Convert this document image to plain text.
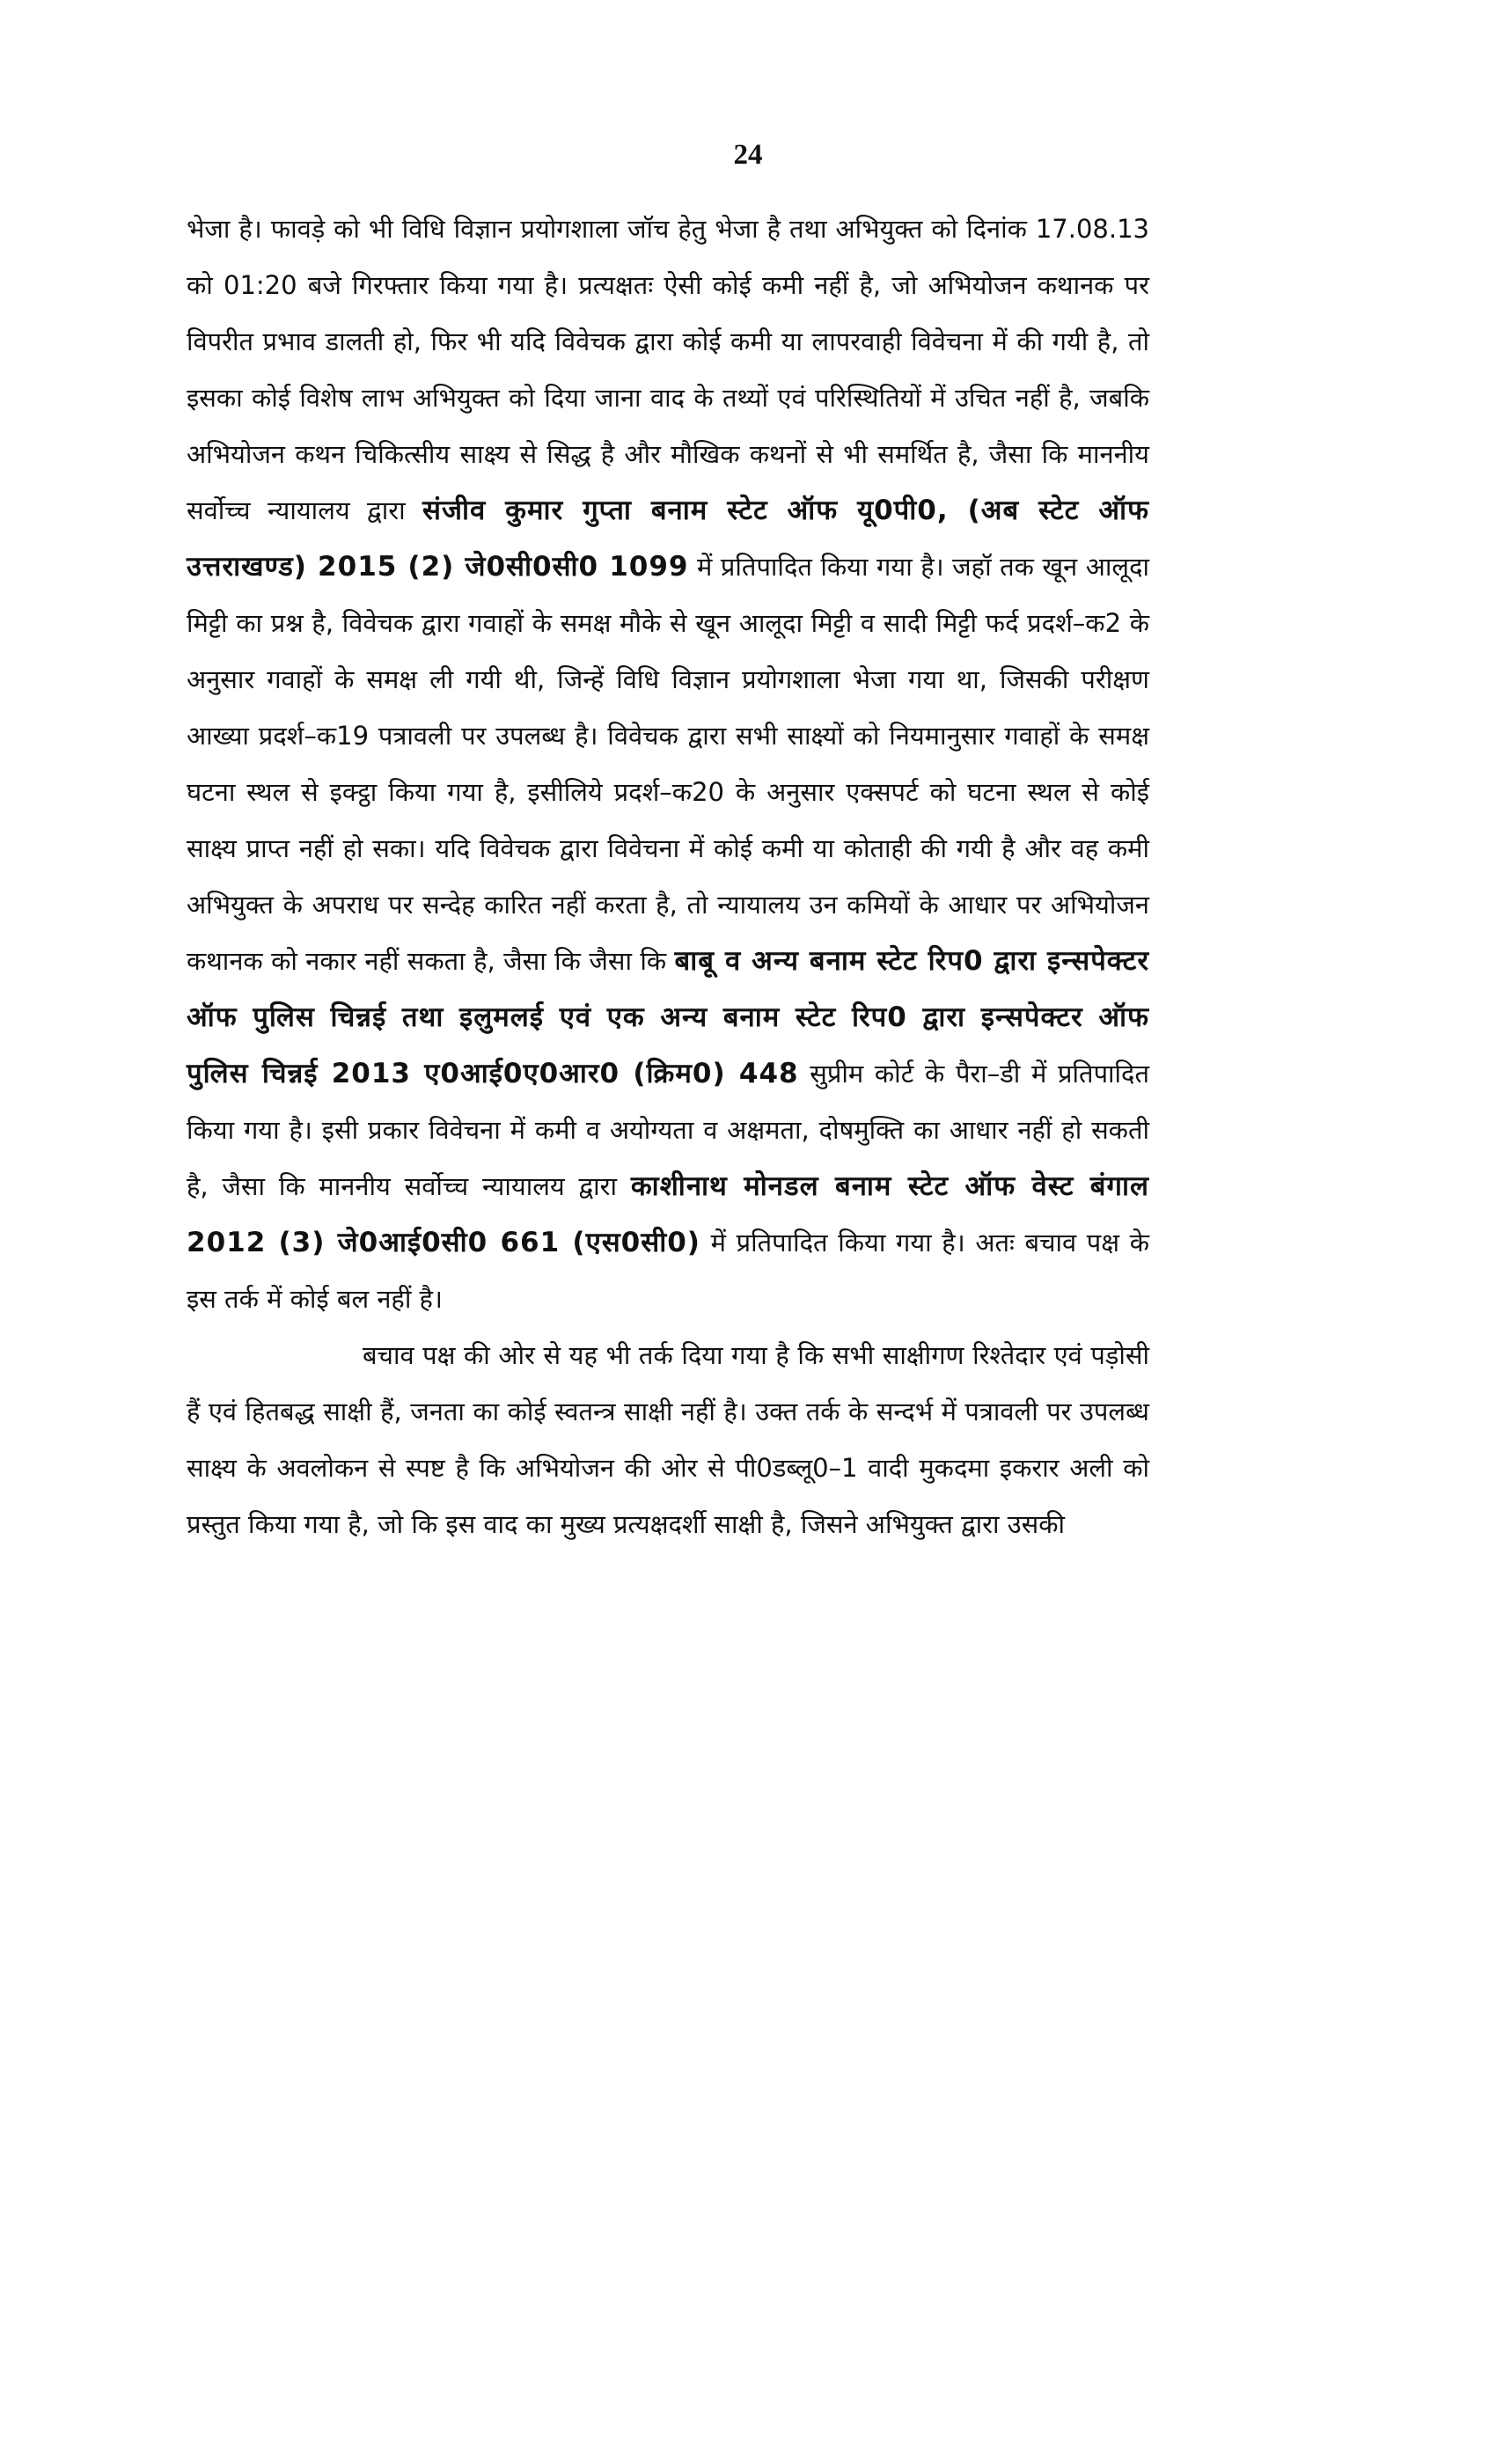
24

भेजा है। फावड़े को भी विधि विज्ञान प्रयोगशाला जॉच हेतु भेजा है तथा अभियुक्त को दिनांक 17.08.13 को 01:20 बजे गिरफ्तार किया गया है। प्रत्यक्षतः ऐसी कोई कमी नहीं है, जो अभियोजन कथानक पर विपरीत प्रभाव डालती हो, फिर भी यदि विवेचक द्वारा कोई कमी या लापरवाही विवेचना में की गयी है, तो इसका कोई विशेष लाभ अभियुक्त को दिया जाना वाद के तथ्यों एवं परिस्थितियों में उचित नहीं है, जबकि अभियोजन कथन चिकित्सीय साक्ष्य से सिद्ध है और मौखिक कथनों से भी समर्थित है, जैसा कि माननीय सर्वोच्च न्यायालय द्वारा संजीव कुमार गुप्ता बनाम स्टेट ऑफ यू0पी0, (अब स्टेट ऑफ उत्तराखण्ड) 2015 (2) जे0सी0सी0 1099 में प्रतिपादित किया गया है। जहॉ तक खून आलूदा मिट्टी का प्रश्न है, विवेचक द्वारा गवाहों के समक्ष मौके से खून आलूदा मिट्टी व सादी मिट्टी फर्द प्रदर्श–क2 के अनुसार गवाहों के समक्ष ली गयी थी, जिन्हें विधि विज्ञान प्रयोगशाला भेजा गया था, जिसकी परीक्षण आख्या प्रदर्श–क19 पत्रावली पर उपलब्ध है। विवेचक द्वारा सभी साक्ष्यों को नियमानुसार गवाहों के समक्ष घटना स्थल से इक्ट्ठा किया गया है, इसीलिये प्रदर्श–क20 के अनुसार एक्सपर्ट को घटना स्थल से कोई साक्ष्य प्राप्त नहीं हो सका। यदि विवेचक द्वारा विवेचना में कोई कमी या कोताही की गयी है और वह कमी अभियुक्त के अपराध पर सन्देह कारित नहीं करता है, तो न्यायालय उन कमियों के आधार पर अभियोजन कथानक को नकार नहीं सकता है, जैसा कि जैसा कि बाबू व अन्य बनाम स्टेट रिप0 द्वारा इन्सपेक्टर ऑफ पुलिस चिन्नई तथा इलुमलई एवं एक अन्य बनाम स्टेट रिप0 द्वारा इन्सपेक्टर ऑफ पुलिस चिन्नई 2013 ए0आई0ए0आर0 (क्रिम0) 448 सुप्रीम कोर्ट के पैरा–डी में प्रतिपादित किया गया है। इसी प्रकार विवेचना में कमी व अयोग्यता व अक्षमता, दोषमुक्ति का आधार नहीं हो सकती है, जैसा कि माननीय सर्वोच्च न्यायालय द्वारा काशीनाथ मोनडल बनाम स्टेट ऑफ वेस्ट बंगाल 2012 (3) जे0आई0सी0 661 (एस0सी0) में प्रतिपादित किया गया है। अतः बचाव पक्ष के इस तर्क में कोई बल नहीं है।

बचाव पक्ष की ओर से यह भी तर्क दिया गया है कि सभी साक्षीगण रिश्तेदार एवं पड़ोसी हैं एवं हितबद्ध साक्षी हैं, जनता का कोई स्वतन्त्र साक्षी नहीं है। उक्त तर्क के सन्दर्भ में पत्रावली पर उपलब्ध साक्ष्य के अवलोकन से स्पष्ट है कि अभियोजन की ओर से पी0डब्लू0–1 वादी मुकदमा इकरार अली को प्रस्तुत किया गया है, जो कि इस वाद का मुख्य प्रत्यक्षदर्शी साक्षी है, जिसने अभियुक्त द्वारा उसकी
